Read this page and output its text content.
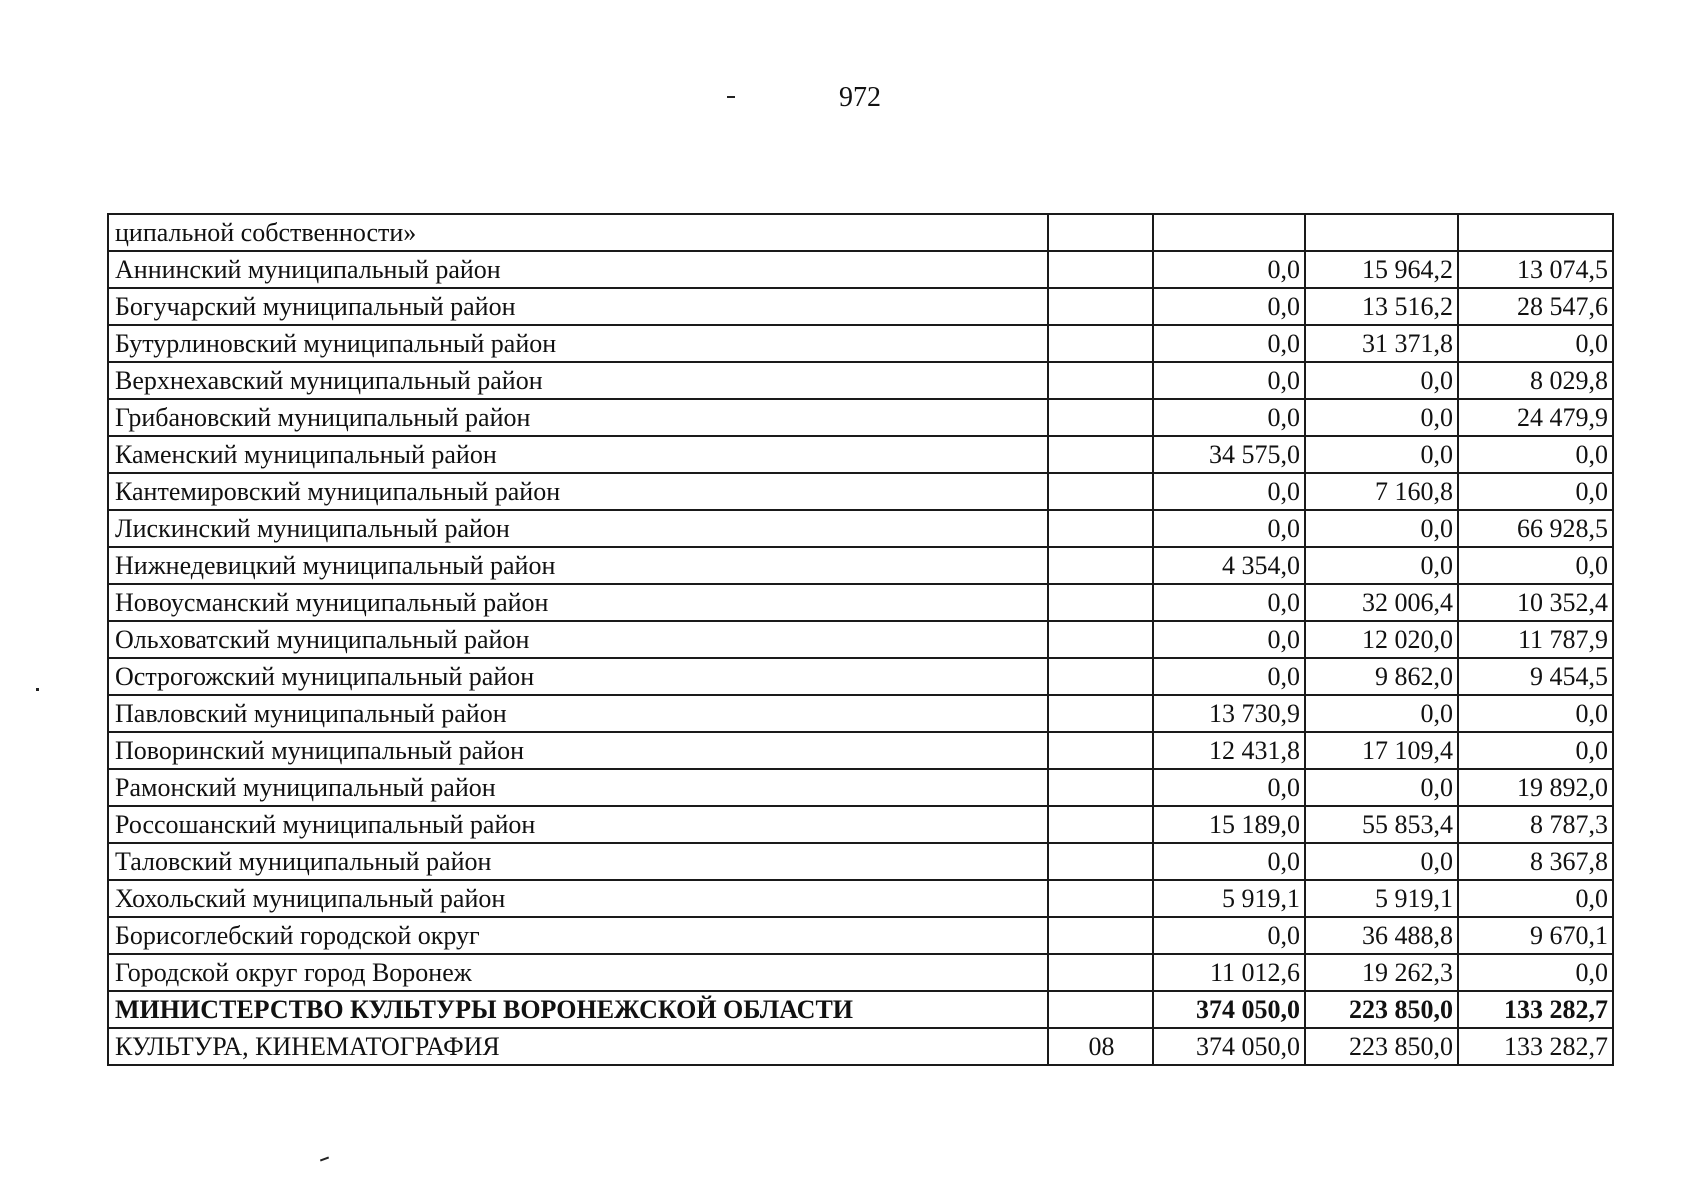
972
ципальной собственности»				
Аннинский муниципальный район		0,0	15 964,2	13 074,5
Богучарский муниципальный район		0,0	13 516,2	28 547,6
Бутурлиновский муниципальный район		0,0	31 371,8	0,0
Верхнехавский муниципальный район		0,0	0,0	8 029,8
Грибановский муниципальный район		0,0	0,0	24 479,9
Каменский муниципальный район		34 575,0	0,0	0,0
Кантемировский муниципальный район		0,0	7 160,8	0,0
Лискинский муниципальный район		0,0	0,0	66 928,5
Нижнедевицкий муниципальный район		4 354,0	0,0	0,0
Новоусманский муниципальный район		0,0	32 006,4	10 352,4
Ольховатский муниципальный район		0,0	12 020,0	11 787,9
Острогожский муниципальный район		0,0	9 862,0	9 454,5
Павловский муниципальный район		13 730,9	0,0	0,0
Поворинский муниципальный район		12 431,8	17 109,4	0,0
Рамонский муниципальный район		0,0	0,0	19 892,0
Россошанский муниципальный район		15 189,0	55 853,4	8 787,3
Таловский муниципальный район		0,0	0,0	8 367,8
Хохольский муниципальный район		5 919,1	5 919,1	0,0
Борисоглебский городской округ		0,0	36 488,8	9 670,1
Городской округ город Воронеж		11 012,6	19 262,3	0,0
МИНИСТЕРСТВО КУЛЬТУРЫ ВОРОНЕЖСКОЙ ОБЛАСТИ		374 050,0	223 850,0	133 282,7
КУЛЬТУРА, КИНЕМАТОГРАФИЯ	08	374 050,0	223 850,0	133 282,7
